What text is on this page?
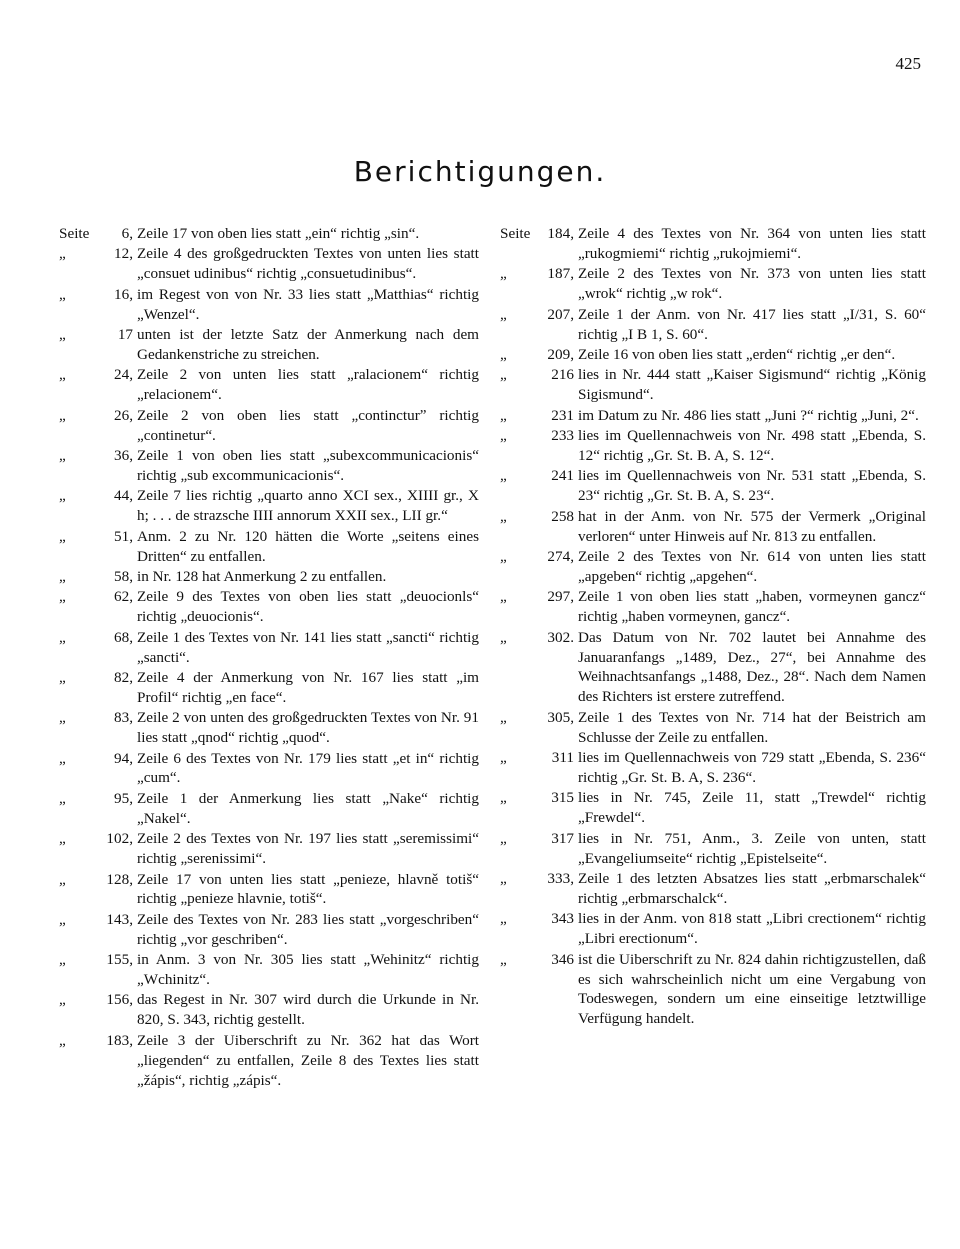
425
Berichtigungen.
Seite	6, Zeile 17 von oben lies statt „ein“ richtig „sin“.
„	12, Zeile 4 des großgedruckten Textes von unten lies statt „consuet udinibus“ richtig „consuetudinibus“.
„	16, im Regest von von Nr. 33 lies statt „Matthias“ richtig „Wenzel“.
„	17 unten ist der letzte Satz der Anmerkung nach dem Gedankenstriche zu streichen.
„	24, Zeile 2 von unten lies statt „ralacionem“ richtig „relacionem“.
„	26, Zeile 2 von oben lies statt „contincturˮ richtig „continetur“.
„	36, Zeile 1 von oben lies statt „subexcommunicacionis“ richtig „sub excommunicacionis“.
„	44, Zeile 7 lies richtig „quarto anno XCI sex., XIIII gr., X h; . . . de strazsche IIII annorum XXII sex., LII gr.“
„	51, Anm. 2 zu Nr. 120 hätten die Worte „seitens eines Dritten“ zu entfallen.
„	58, in Nr. 128 hat Anmerkung 2 zu entfallen.
„	62, Zeile 9 des Textes von oben lies statt „deuocionls“ richtig „deuocionis“.
„	68, Zeile 1 des Textes von Nr. 141 lies statt „sancti“ richtig „sancti“.
„	82, Zeile 4 der Anmerkung von Nr. 167 lies statt „im Profil“ richtig „en face“.
„	83, Zeile 2 von unten des großgedruckten Textes von Nr. 91 lies statt „qnod“ richtig „quod“.
„	94, Zeile 6 des Textes von Nr. 179 lies statt „et in“ richtig „cum“.
„	95, Zeile 1 der Anmerkung lies statt „Nake“ richtig „Nakel“.
„	102, Zeile 2 des Textes von Nr. 197 lies statt „seremissimi“ richtig „serenissimi“.
„	128, Zeile 17 von unten lies statt „penieze, hlavně totiš“ richtig „penieze hlavnie, totiš“.
„	143, Zeile des Textes von Nr. 283 lies statt „vorgeschriben“ richtig „vor geschriben“.
„	155, in Anm. 3 von Nr. 305 lies statt „Wehinitz“ richtig „Wchinitz“.
„	156, das Regest in Nr. 307 wird durch die Urkunde in Nr. 820, S. 343, richtig gestellt.
„	183, Zeile 3 der Uiberschrift zu Nr. 362 hat das Wort „liegenden“ zu entfallen, Zeile 8 des Textes lies statt „žápis“, richtig „zápis“.
Seite	184, Zeile 4 des Textes von Nr. 364 von unten lies statt „rukogmiemi“ richtig „rukojmiemi“.
„	187, Zeile 2 des Textes von Nr. 373 von unten lies statt „wrok“ richtig „w rok“.
„	207, Zeile 1 der Anm. von Nr. 417 lies statt „I/31, S. 60“ richtig „I B 1, S. 60“.
„	209, Zeile 16 von oben lies statt „erden“ richtig „er den“.
„	216 lies in Nr. 444 statt „Kaiser Sigismund“ richtig „König Sigismund“.
„	231 im Datum zu Nr. 486 lies statt „Juni ?“ richtig „Juni, 2“.
„	233 lies im Quellennachweis von Nr. 498 statt „Ebenda, S. 12“ richtig „Gr. St. B. A, S. 12“.
„	241 lies im Quellennachweis von Nr. 531 statt „Ebenda, S. 23“ richtig „Gr. St. B. A, S. 23“.
„	258 hat in der Anm. von Nr. 575 der Vermerk „Original verloren“ unter Hinweis auf Nr. 813 zu entfallen.
„	274, Zeile 2 des Textes von Nr. 614 von unten lies statt „apgeben“ richtig „apgehen“.
„	297, Zeile 1 von oben lies statt „haben, vormeynen gancz“ richtig „haben vormeynen, gancz“.
„	302. Das Datum von Nr. 702 lautet bei Annahme des Januaranfangs „1489, Dez., 27“, bei Annahme des Weihnachtsanfangs „1488, Dez., 28“. Nach dem Namen des Richters ist erstere zutreffend.
„	305, Zeile 1 des Textes von Nr. 714 hat der Beistrich am Schlusse der Zeile zu entfallen.
„	311 lies im Quellennachweis von 729 statt „Ebenda, S. 236“ richtig „Gr. St. B. A, S. 236“.
„	315 lies in Nr. 745, Zeile 11, statt „Trewdel“ richtig „Frewdel“.
„	317 lies in Nr. 751, Anm., 3. Zeile von unten, statt „Evangeliumseite“ richtig „Epistelseite“.
„	333, Zeile 1 des letzten Absatzes lies statt „erbmarschalek“ richtig „erbmarschalck“.
„	343 lies in der Anm. von 818 statt „Libri crectionem“ richtig „Libri erectionum“.
„	346 ist die Uiberschrift zu Nr. 824 dahin richtigzustellen, daß es sich wahrscheinlich nicht um eine Vergabung von Todeswegen, sondern um eine einseitige letztwillige Verfügung handelt.
